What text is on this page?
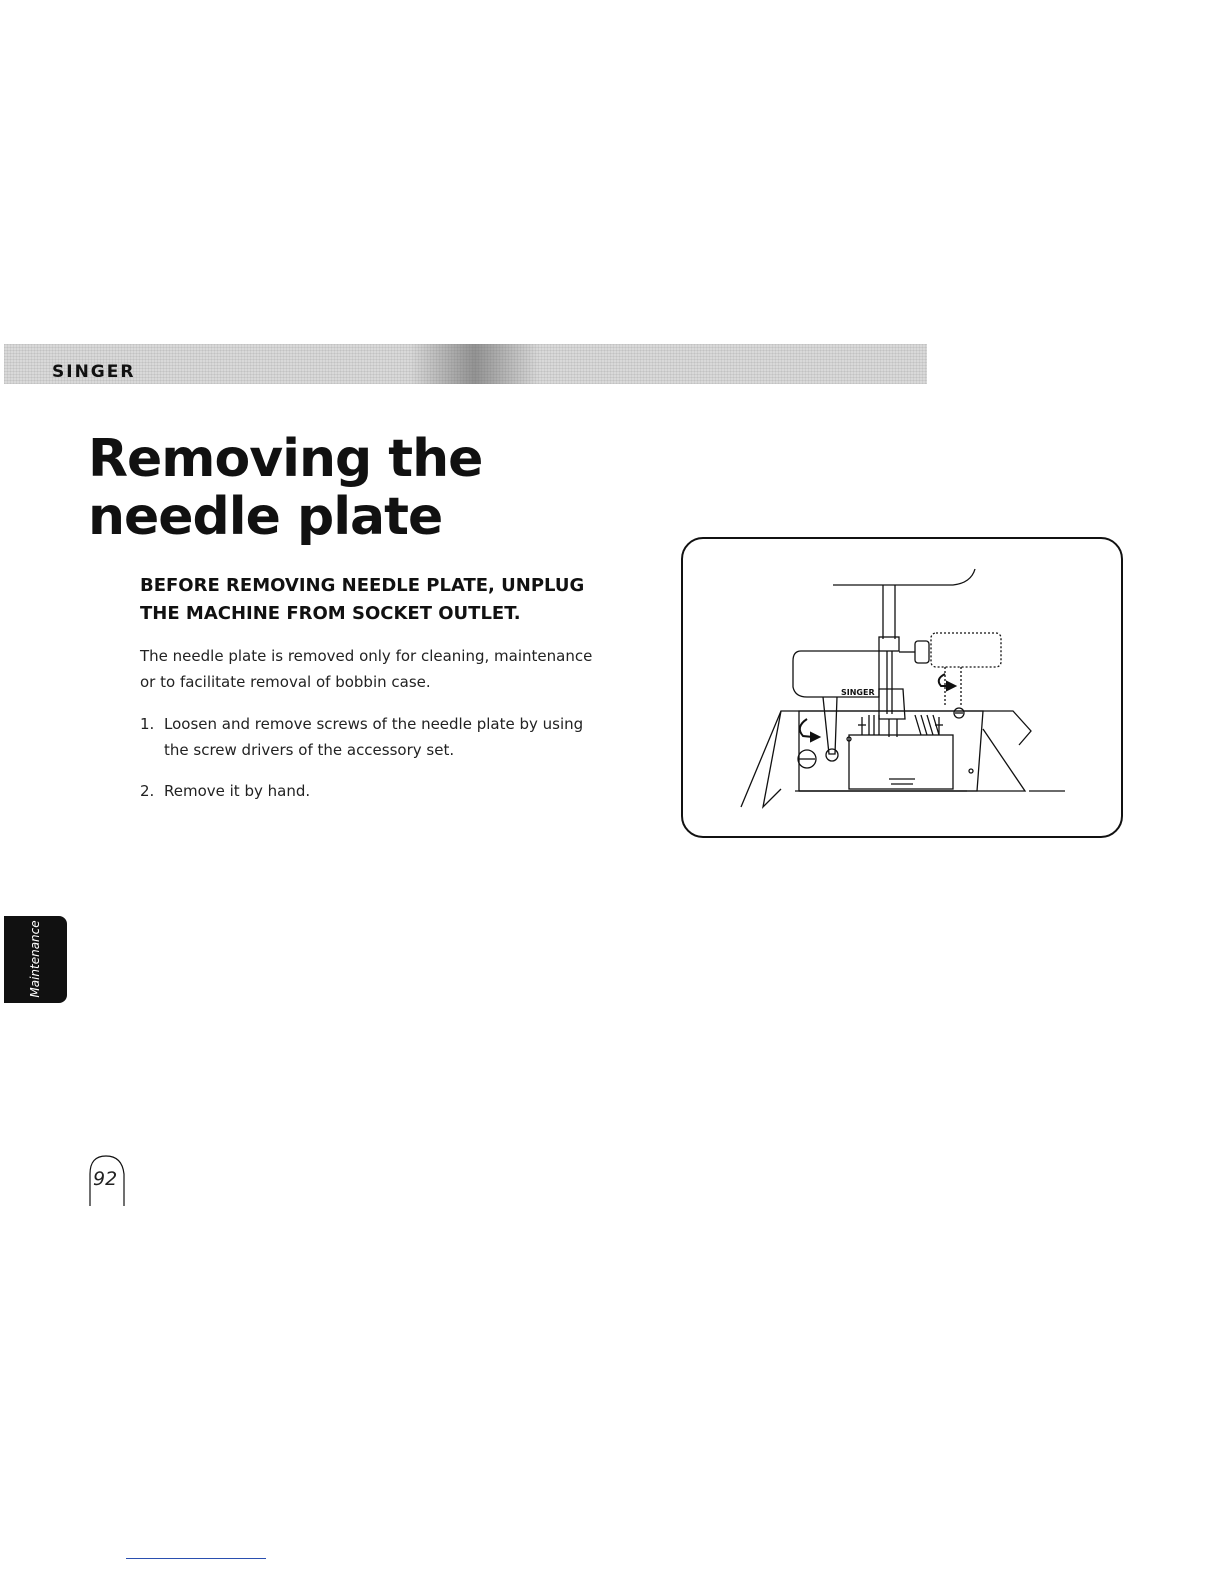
SINGER
Removing the
needle plate

BEFORE REMOVING NEEDLE PLATE, UNPLUG
THE MACHINE FROM SOCKET OUTLET.

The needle plate is removed only for cleaning, maintenance or to facilitate removal of bobbin case.

1. Loosen and remove screws of the needle plate by using the screw drivers of the accessory set.
2. Remove it by hand.
SINGER
Maintenance
92
